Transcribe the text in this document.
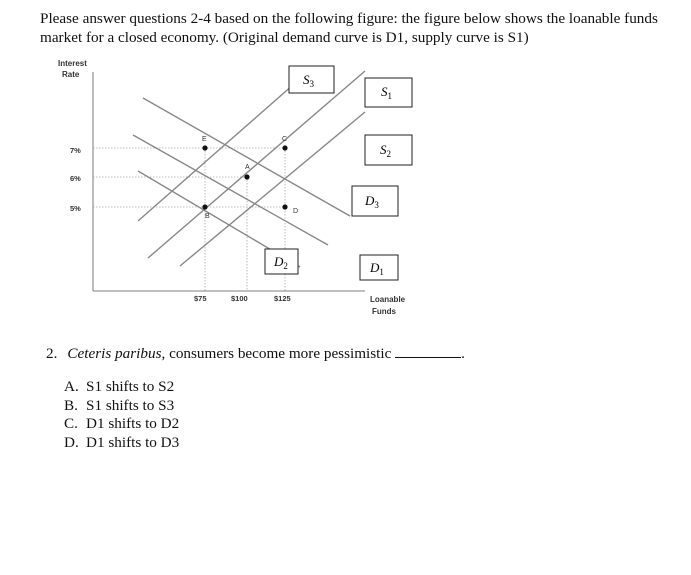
Please answer questions 2-4 based on the following figure: the figure below shows the loanable funds market for a closed economy. (Original demand curve is D1, supply curve is S1)
Interest
Rate
7%
6%
5%
E	C
A
D
B
$75	$100	$125	Loanable
Funds
$S_3$	$S_1$
$S_2$
$D_3$
$D_2$	$D_1$
2. Ceteris paribus, consumers become more pessimistic	.
A. S1 shifts to S2
B. S1 shifts to S3
C. D1 shifts to D2
D. D1 shifts to D3
